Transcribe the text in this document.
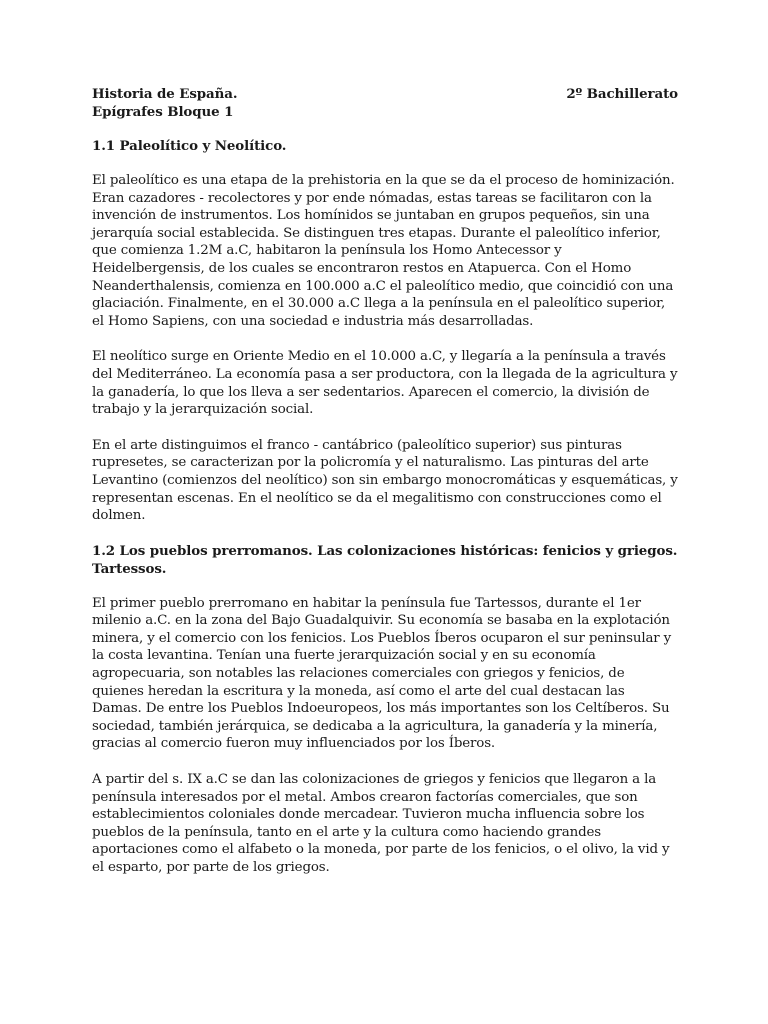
Historia de España.	2º Bachillerato
Epígrafes Bloque 1
1.1 Paleolítico y Neolítico.

El paleolítico es una etapa de la prehistoria en la que se da el proceso de hominización. Eran cazadores - recolectores y por ende nómadas, estas tareas se facilitaron con la invención de instrumentos. Los homínidos se juntaban en grupos pequeños, sin una jerarquía social establecida. Se distinguen tres etapas. Durante el paleolítico inferior, que comienza 1.2M a.C, habitaron la península los Homo Antecessor y Heidelbergensis, de los cuales se encontraron restos en Atapuerca. Con el Homo Neanderthalensis, comienza en 100.000 a.C el paleolítico medio, que coincidió con una glaciación. Finalmente, en el 30.000 a.C llega a la península en el paleolítico superior, el Homo Sapiens, con una sociedad e industria más desarrolladas.

El neolítico surge en Oriente Medio en el 10.000 a.C, y llegaría a la península a través del Mediterráneo. La economía pasa a ser productora, con la llegada de la agricultura y la ganadería, lo que los lleva a ser sedentarios. Aparecen el comercio, la división de trabajo y la jerarquización social.

En el arte distinguimos el franco - cantábrico (paleolítico superior) sus pinturas rupresetes, se caracterizan por la policromía y el naturalismo. Las pinturas del arte Levantino (comienzos del neolítico) son sin embargo monocromáticas y esquemáticas, y representan escenas. En el neolítico se da el megalitismo con construcciones como el dolmen.

1.2 Los pueblos prerromanos. Las colonizaciones históricas: fenicios y griegos. Tartessos.

El primer pueblo prerromano en habitar la península fue Tartessos, durante el 1er milenio a.C. en la zona del Bajo Guadalquivir. Su economía se basaba en la explotación minera, y el comercio con los fenicios. Los Pueblos Íberos ocuparon el sur peninsular y la costa levantina. Tenían una fuerte jerarquización social y en su economía agropecuaria, son notables las relaciones comerciales con griegos y fenicios, de quienes heredan la escritura y la moneda, así como el arte del cual destacan las Damas. De entre los Pueblos Indoeuropeos, los más importantes son los Celtíberos. Su sociedad, también jerárquica, se dedicaba a la agricultura, la ganadería y la minería, gracias al comercio fueron muy influenciados por los Íberos.

A partir del s. IX a.C se dan las colonizaciones de griegos y fenicios que llegaron a la península interesados por el metal. Ambos crearon factorías comerciales, que son establecimientos coloniales donde mercadear. Tuvieron mucha influencia sobre los pueblos de la península, tanto en el arte y la cultura como haciendo grandes aportaciones como el alfabeto o la moneda, por parte de los fenicios, o el olivo, la vid y el esparto, por parte de los griegos.
